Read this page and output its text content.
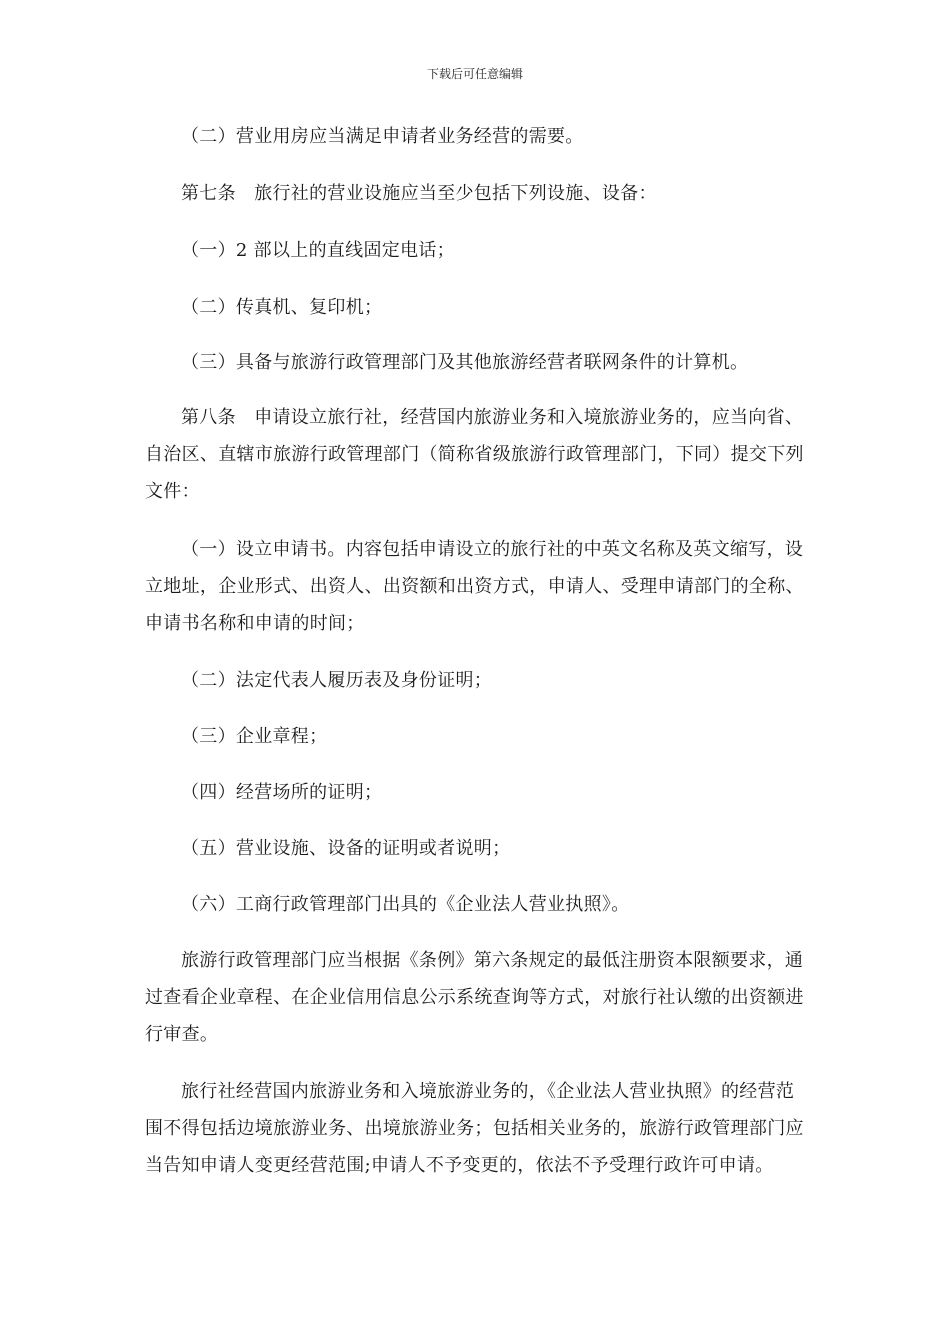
下载后可任意编辑

（二）营业用房应当满足申请者业务经营的需要。

第七条　旅行社的营业设施应当至少包括下列设施、设备：

（一）2 部以上的直线固定电话；

（二）传真机、复印机；

（三）具备与旅游行政管理部门及其他旅游经营者联网条件的计算机。

第八条　申请设立旅行社，经营国内旅游业务和入境旅游业务的，应当向省、自治区、直辖市旅游行政管理部门（简称省级旅游行政管理部门，下同）提交下列文件：

（一）设立申请书。内容包括申请设立的旅行社的中英文名称及英文缩写，设立地址，企业形式、出资人、出资额和出资方式，申请人、受理申请部门的全称、申请书名称和申请的时间；

（二）法定代表人履历表及身份证明；

（三）企业章程；

（四）经营场所的证明；

（五）营业设施、设备的证明或者说明；

（六）工商行政管理部门出具的《企业法人营业执照》。

旅游行政管理部门应当根据《条例》第六条规定的最低注册资本限额要求，通过查看企业章程、在企业信用信息公示系统查询等方式，对旅行社认缴的出资额进行审查。

旅行社经营国内旅游业务和入境旅游业务的，《企业法人营业执照》的经营范围不得包括边境旅游业务、出境旅游业务；包括相关业务的，旅游行政管理部门应当告知申请人变更经营范围;申请人不予变更的，依法不予受理行政许可申请。
